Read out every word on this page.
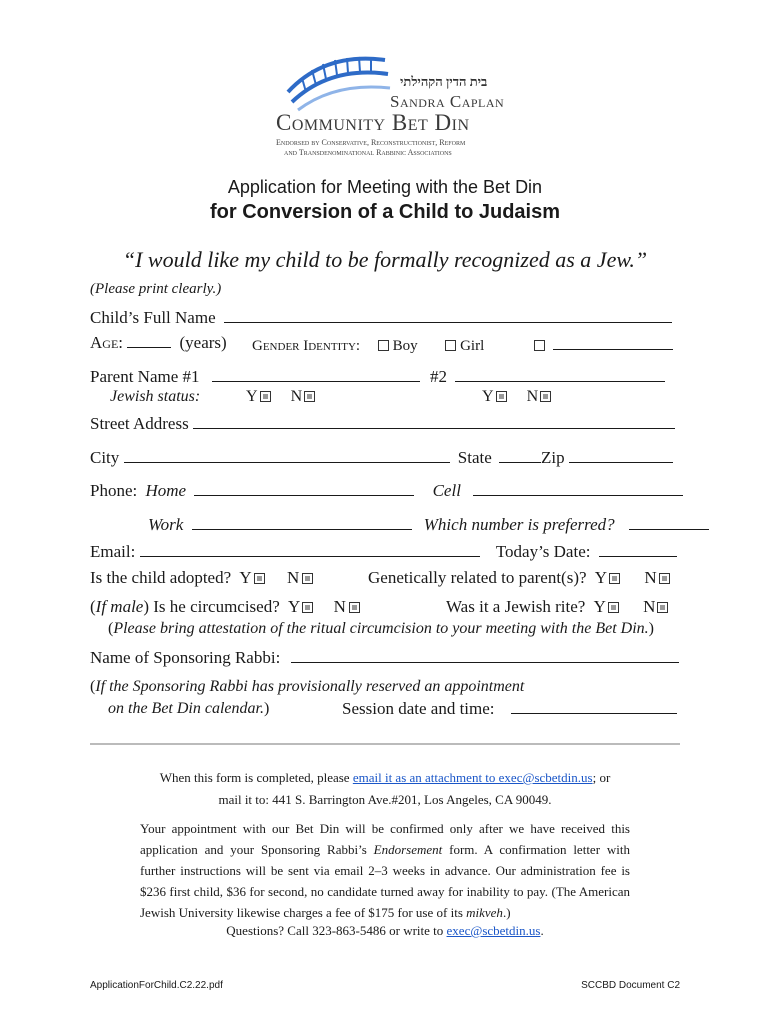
בית הדין הקהילתי
Sandra Caplan
Community Bet Din
Endorsed by Conservative, Reconstructionist, Reform
and Transdenominational Rabbinic Associations
Application for Meeting with the Bet Din
for Conversion of a Child to Judaism
“I would like my child to be formally recognized as a Jew.”
(Please print clearly.)
Child’s Full Name
Age:	(years) Gender Identity: Boy	Girl
Parent Name #1	#2
Jewish status:	Y N	Y N
Street Address
City	State	Zip
Phone: Home	Cell
Work	Which number is preferred?
Email:	Today’s Date:
Is the child adopted? Y N	Genetically related to parent(s)? Y N
(If male) Is he circumcised? Y N	Was it a Jewish rite? Y N
(Please bring attestation of the ritual circumcision to your meeting with the Bet Din.)
Name of Sponsoring Rabbi:
(If the Sponsoring Rabbi has provisionally reserved an appointment
on the Bet Din calendar.)	Session date and time:
When this form is completed, please email it as an attachment to exec@scbetdin.us; or
mail it to: 441 S. Barrington Ave.#201, Los Angeles, CA 90049.
Your appointment with our Bet Din will be confirmed only after we have received this application and your Sponsoring Rabbi’s Endorsement form. A confirmation letter with further instructions will be sent via email 2–3 weeks in advance. Our administration fee is $236 first child, $36 for second, no candidate turned away for inability to pay. (The American Jewish University likewise charges a fee of $175 for use of its mikveh.)
Questions? Call 323-863-5486 or write to exec@scbetdin.us.
ApplicationForChild.C2.22.pdf	SCCBD Document C2
